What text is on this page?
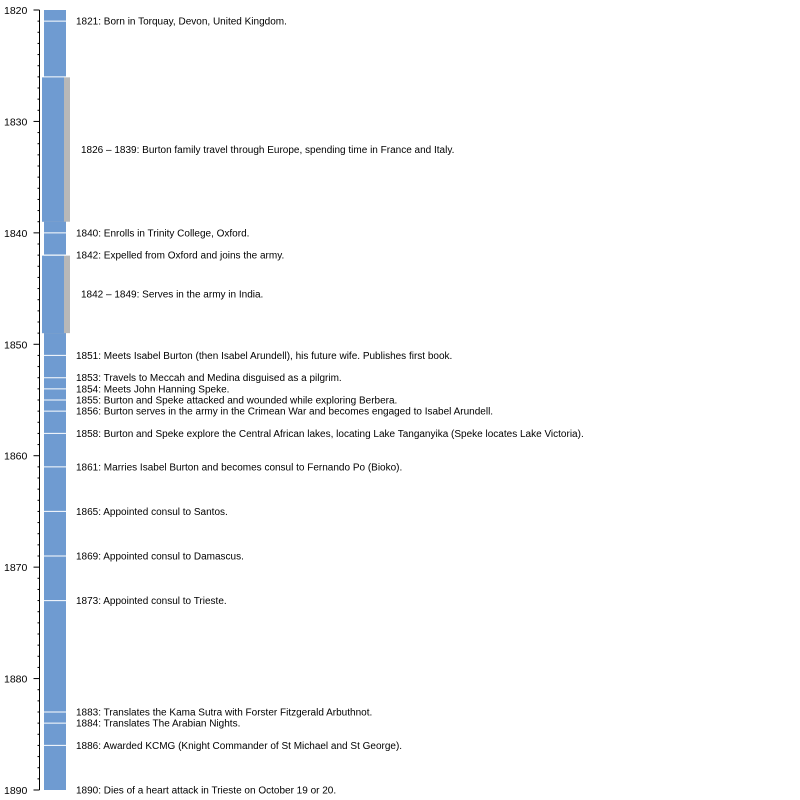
1820
1830
1840
1850
1860
1870
1880
1890
1826 – 1839: Burton family travel through Europe, spending time in France and Italy.
1842 – 1849: Serves in the army in India.
1821: Born in Torquay, Devon, United Kingdom.
1840: Enrolls in Trinity College, Oxford.
1842: Expelled from Oxford and joins the army.
1851: Meets Isabel Burton (then Isabel Arundell), his future wife. Publishes first book.
1853: Travels to Meccah and Medina disguised as a pilgrim.
1854: Meets John Hanning Speke.
1855: Burton and Speke attacked and wounded while exploring Berbera.
1856: Burton serves in the army in the Crimean War and becomes engaged to Isabel Arundell.
1858: Burton and Speke explore the Central African lakes, locating Lake Tanganyika (Speke locates Lake Victoria).
1861: Marries Isabel Burton and becomes consul to Fernando Po (Bioko).
1865: Appointed consul to Santos.
1869: Appointed consul to Damascus.
1873: Appointed consul to Trieste.
1883: Translates the Kama Sutra with Forster Fitzgerald Arbuthnot.
1884: Translates The Arabian Nights.
1886: Awarded KCMG (Knight Commander of St Michael and St George).
1890: Dies of a heart attack in Trieste on October 19 or 20.
